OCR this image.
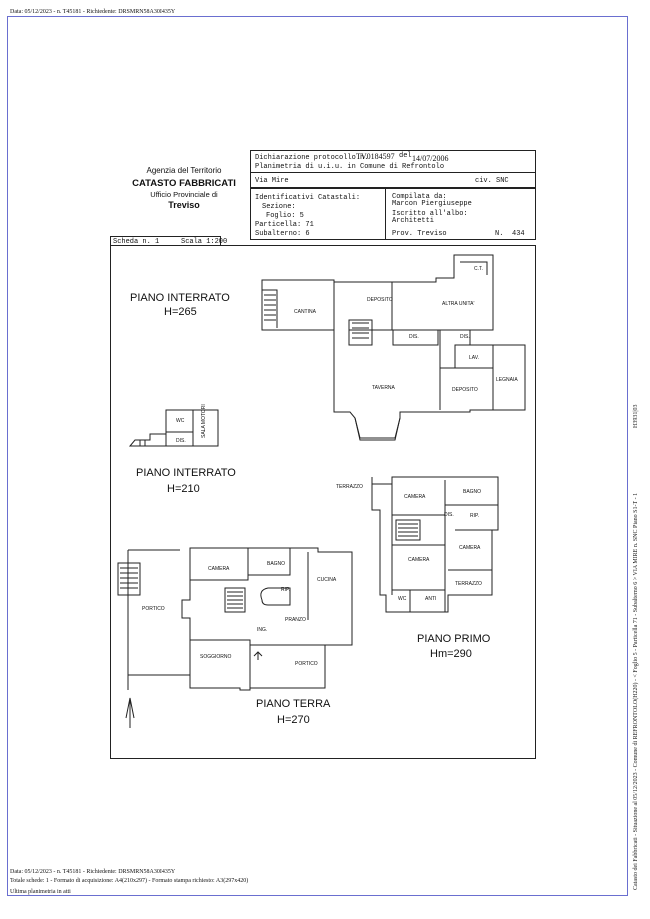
Data: 05/12/2023 - n. T45181 - Richiedente: DRSMRN58A30I435Y
Catasto dei Fabbricati - Situazione al 05/12/2023 - Comune di REFRONTOLO(H220) - < Foglio 5 - Particella 71 - Subalterno 6 > VIA MIRE n. SNC Piano S1-T - 1
H3931|03
Agenzia del Territorio
CATASTO FABBRICATI
Ufficio Provinciale di
Treviso
Dichiarazione protocollo n.
TV0184597 del 14/07/2006
Planimetria di u.i.u. in Comune di Refrontolo
Via Mire	civ. SNC
Identificativi Catastali:
Sezione:
Foglio: 5
Particella: 71
Subalterno: 6
Compilata da:
Marcon Piergiuseppe
Iscritto all'albo:
Architetti
Prov. Treviso	N. 434
Scheda n. 1	Scala 1:200
PIANO INTERRATO
H=265
PIANO INTERRATO
H=210
PIANO TERRA
H=270
PIANO PRIMO
Hm=290
C.T.
CANTINA
DEPOSITO
ALTRA UNITA'
DIS.	DIS.
LAV.
LEGNAIA
TAVERNA	DEPOSITO
WC
DIS.
SALA MOTORI
TERRAZZO
CAMERA
BAGNO
RIP.
DIS.
CAMERA
CAMERA
TERRAZZO
WC	ANTI
CAMERA
BAGNO
CUCINA
RIP.
PORTICO
PRANZO
ING.
SOGGIORNO
PORTICO
Data: 05/12/2023 - n. T45181 - Richiedente: DRSMRN58A30I435Y
Totale schede: 1 - Formato di acquisizione: A4(210x297) - Formato stampa richiesto: A3(297x420)
Ultima planimetria in atti
